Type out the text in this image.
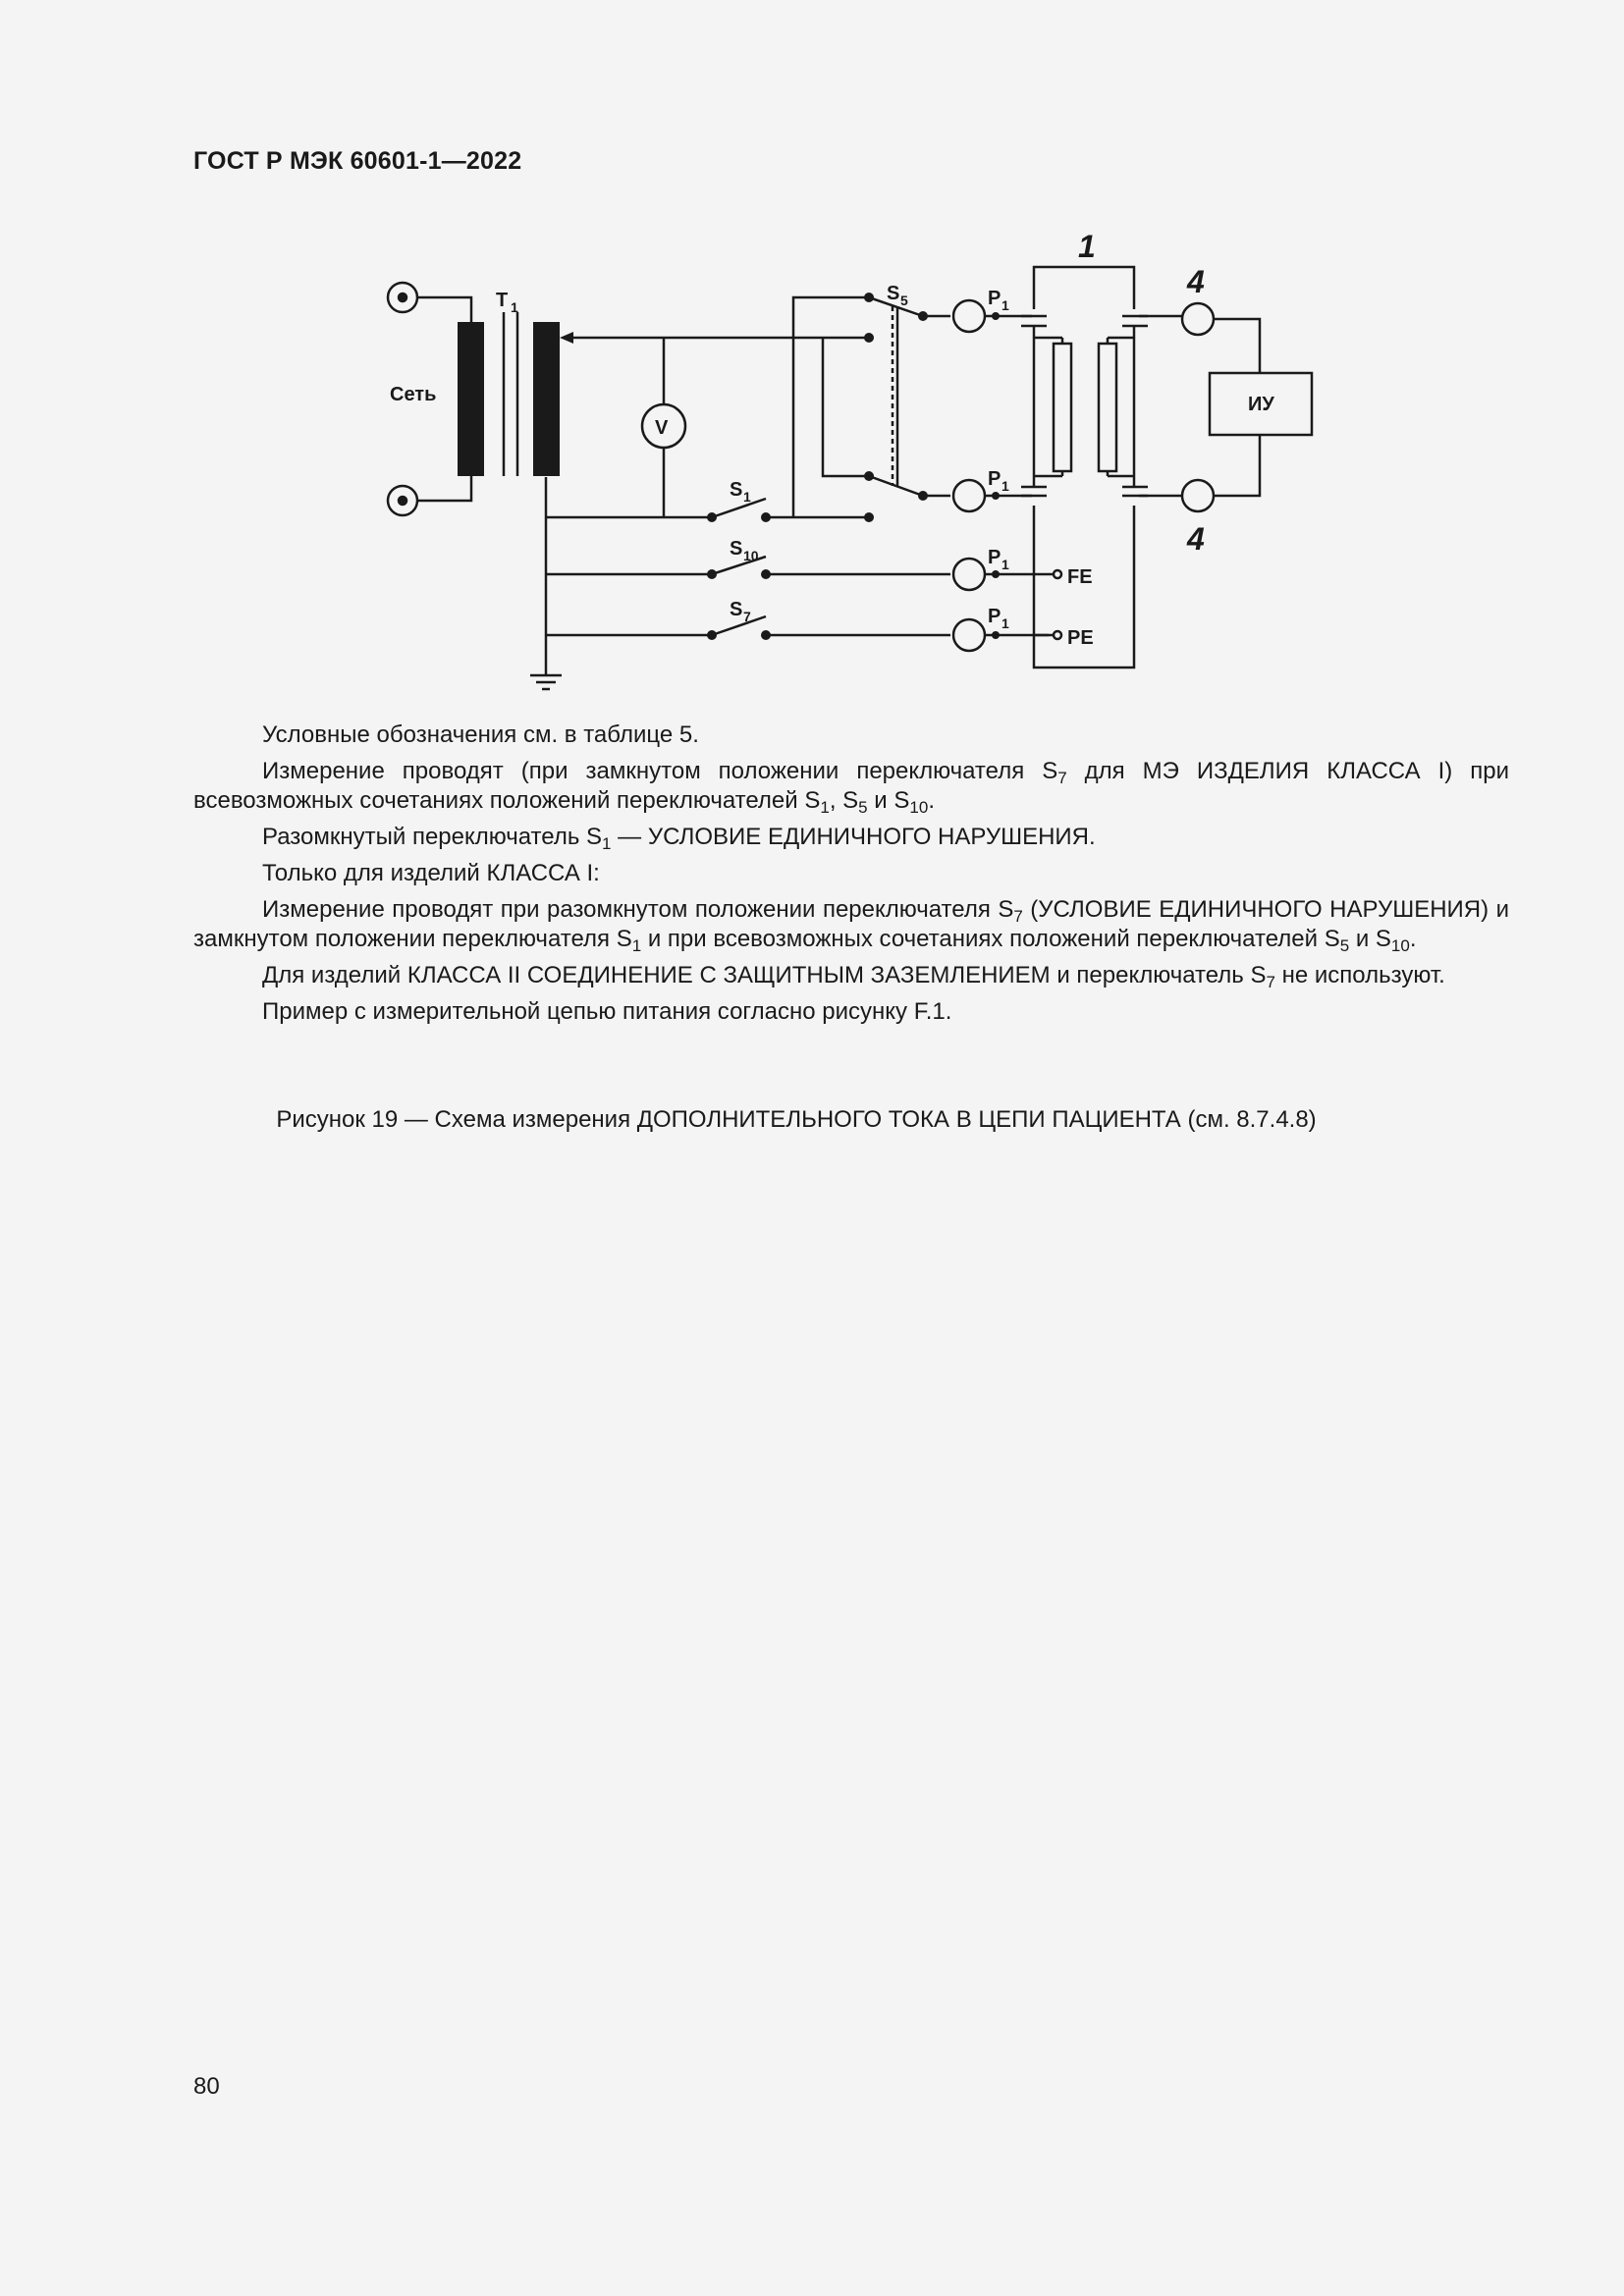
ГОСТ Р МЭК 60601-1—2022
Сеть
T 1
V
S 5
S 1
S 10
S 7
P 1
P 1
P 1
P 1
1
4
4
ИУ
FE
PE

Условные обозначения см. в таблице 5.

Измерение проводят (при замкнутом положении переключателя $S_7$ для МЭ ИЗДЕЛИЯ КЛАССА I) при всевозможных сочетаниях положений переключателей $S_1$, $S_5$ и $S_{10}$.

Разомкнутый переключатель $S_1$ — УСЛОВИЕ ЕДИНИЧНОГО НАРУШЕНИЯ.

Только для изделий КЛАССА I:

Измерение проводят при разомкнутом положении переключателя $S_7$ (УСЛОВИЕ ЕДИНИЧНОГО НАРУШЕНИЯ) и замкнутом положении переключателя $S_1$ и при всевозможных сочетаниях положений переключателей $S_5$ и $S_{10}$.

Для изделий КЛАССА II СОЕДИНЕНИЕ С ЗАЩИТНЫМ ЗАЗЕМЛЕНИЕМ и переключатель $S_7$ не используют.

Пример с измерительной цепью питания согласно рисунку F.1.

Рисунок 19 — Схема измерения ДОПОЛНИТЕЛЬНОГО ТОКА В ЦЕПИ ПАЦИЕНТА (см. 8.7.4.8)
80
